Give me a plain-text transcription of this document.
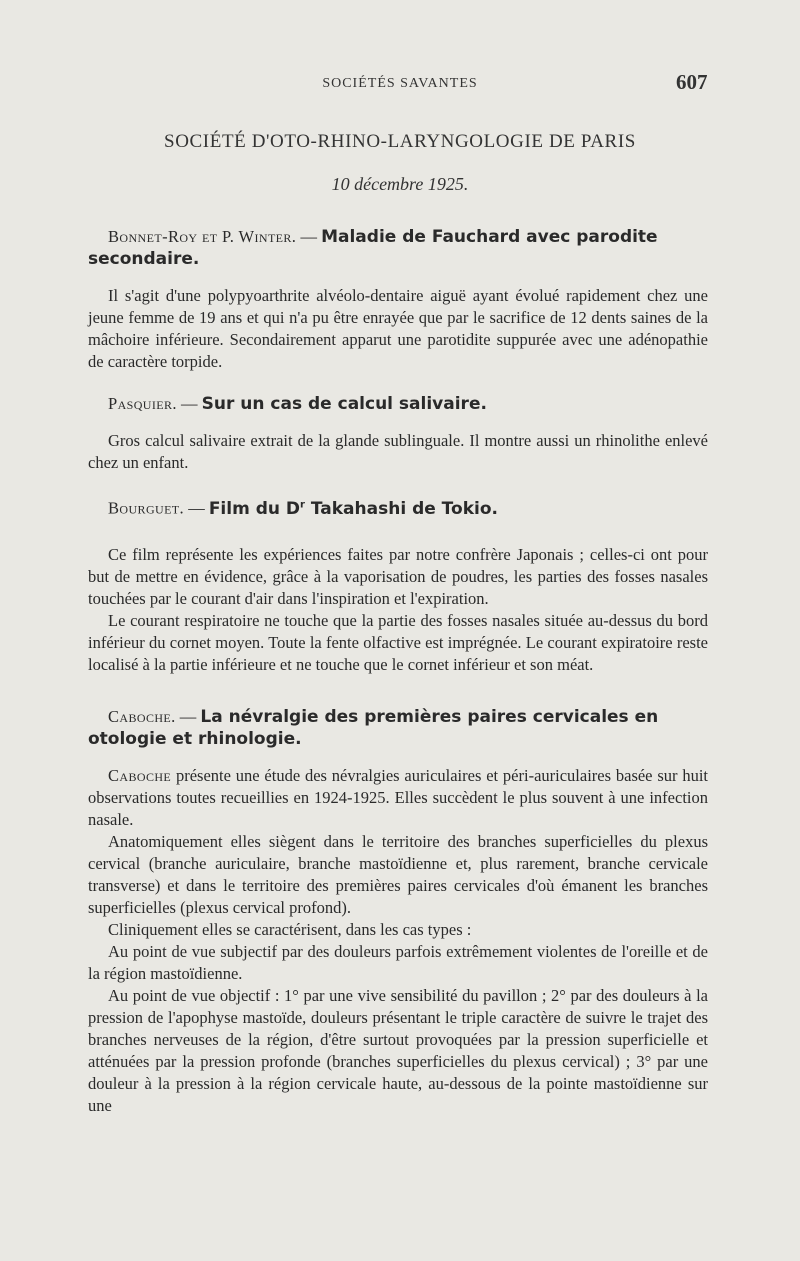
SOCIÉTÉS SAVANTES	607
SOCIÉTÉ D'OTO-RHINO-LARYNGOLOGIE DE PARIS
10 décembre 1925.

Bonnet-Roy et P. Winter. — Maladie de Fauchard avec parodite secondaire.

Il s'agit d'une polypyoarthrite alvéolo-dentaire aiguë ayant évolué rapidement chez une jeune femme de 19 ans et qui n'a pu être enrayée que par le sacrifice de 12 dents saines de la mâchoire inférieure. Secondairement apparut une parotidite suppurée avec une adénopathie de caractère torpide.

Pasquier. — Sur un cas de calcul salivaire.

Gros calcul salivaire extrait de la glande sublinguale. Il montre aussi un rhinolithe enlevé chez un enfant.

Bourguet. — Film du $D^r$ Takahashi de Tokio.

Ce film représente les expériences faites par notre confrère Japonais ; celles-ci ont pour but de mettre en évidence, grâce à la vaporisation de poudres, les parties des fosses nasales touchées par le courant d'air dans l'inspiration et l'expiration.

Le courant respiratoire ne touche que la partie des fosses nasales située au-dessus du bord inférieur du cornet moyen. Toute la fente olfactive est imprégnée. Le courant expiratoire reste localisé à la partie inférieure et ne touche que le cornet inférieur et son méat.

Caboche. — La névralgie des premières paires cervicales en otologie et rhinologie.

Caboche présente une étude des névralgies auriculaires et péri-auriculaires basée sur huit observations toutes recueillies en 1924-1925. Elles succèdent le plus souvent à une infection nasale.

Anatomiquement elles siègent dans le territoire des branches superficielles du plexus cervical (branche auriculaire, branche mastoïdienne et, plus rarement, branche cervicale transverse) et dans le territoire des premières paires cervicales d'où émanent les branches superficielles (plexus cervical profond).

Cliniquement elles se caractérisent, dans les cas types :

Au point de vue subjectif par des douleurs parfois extrêmement violentes de l'oreille et de la région mastoïdienne.

Au point de vue objectif : 1° par une vive sensibilité du pavillon ; 2° par des douleurs à la pression de l'apophyse mastoïde, douleurs présentant le triple caractère de suivre le trajet des branches nerveuses de la région, d'être surtout provoquées par la pression superficielle et atténuées par la pression profonde (branches superficielles du plexus cervical) ; 3° par une douleur à la pression à la région cervicale haute, au-dessous de la pointe mastoïdienne sur une
